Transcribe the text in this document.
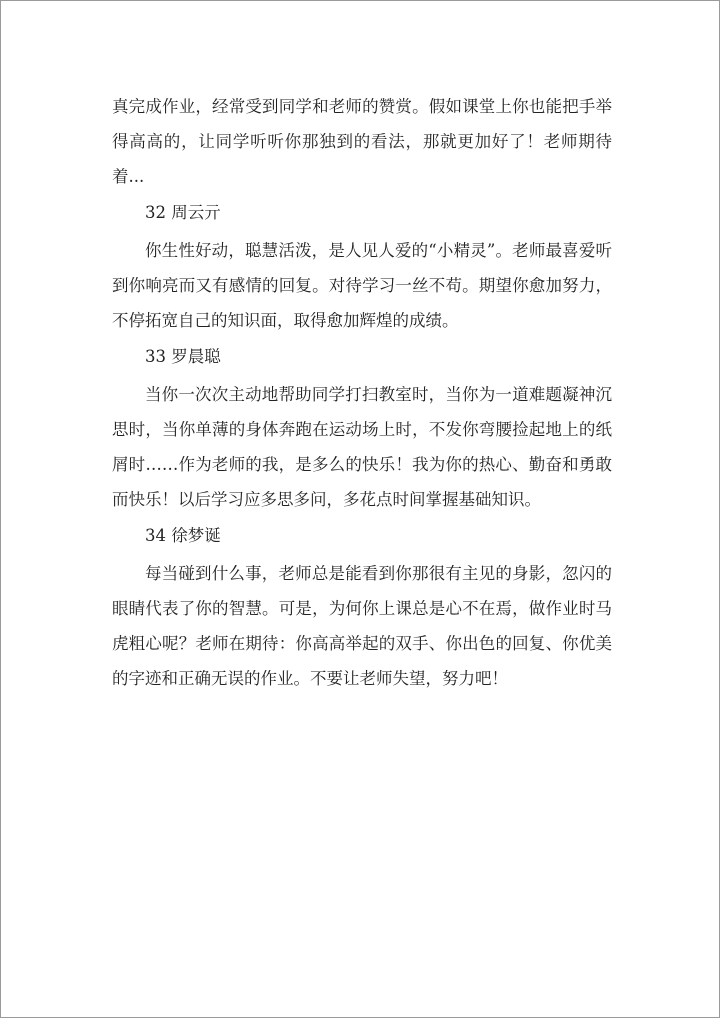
真完成作业，经常受到同学和老师的赞赏。假如课堂上你也能把手举得高高的，让同学听听你那独到的看法，那就更加好了！老师期待着...

32 周云亓

你生性好动，聪慧活泼，是人见人爱的“小精灵”。老师最喜爱听到你响亮而又有感情的回复。对待学习一丝不苟。期望你愈加努力，不停拓宽自己的知识面，取得愈加辉煌的成绩。

33 罗晨聪

当你一次次主动地帮助同学打扫教室时，当你为一道难题凝神沉思时，当你单薄的身体奔跑在运动场上时，不发你弯腰捡起地上的纸屑时……作为老师的我，是多么的快乐！我为你的热心、勤奋和勇敢而快乐！以后学习应多思多问，多花点时间掌握基础知识。

34 徐梦诞

每当碰到什么事，老师总是能看到你那很有主见的身影，忽闪的眼睛代表了你的智慧。可是，为何你上课总是心不在焉，做作业时马虎粗心呢？老师在期待：你高高举起的双手、你出色的回复、你优美的字迹和正确无误的作业。不要让老师失望，努力吧！
